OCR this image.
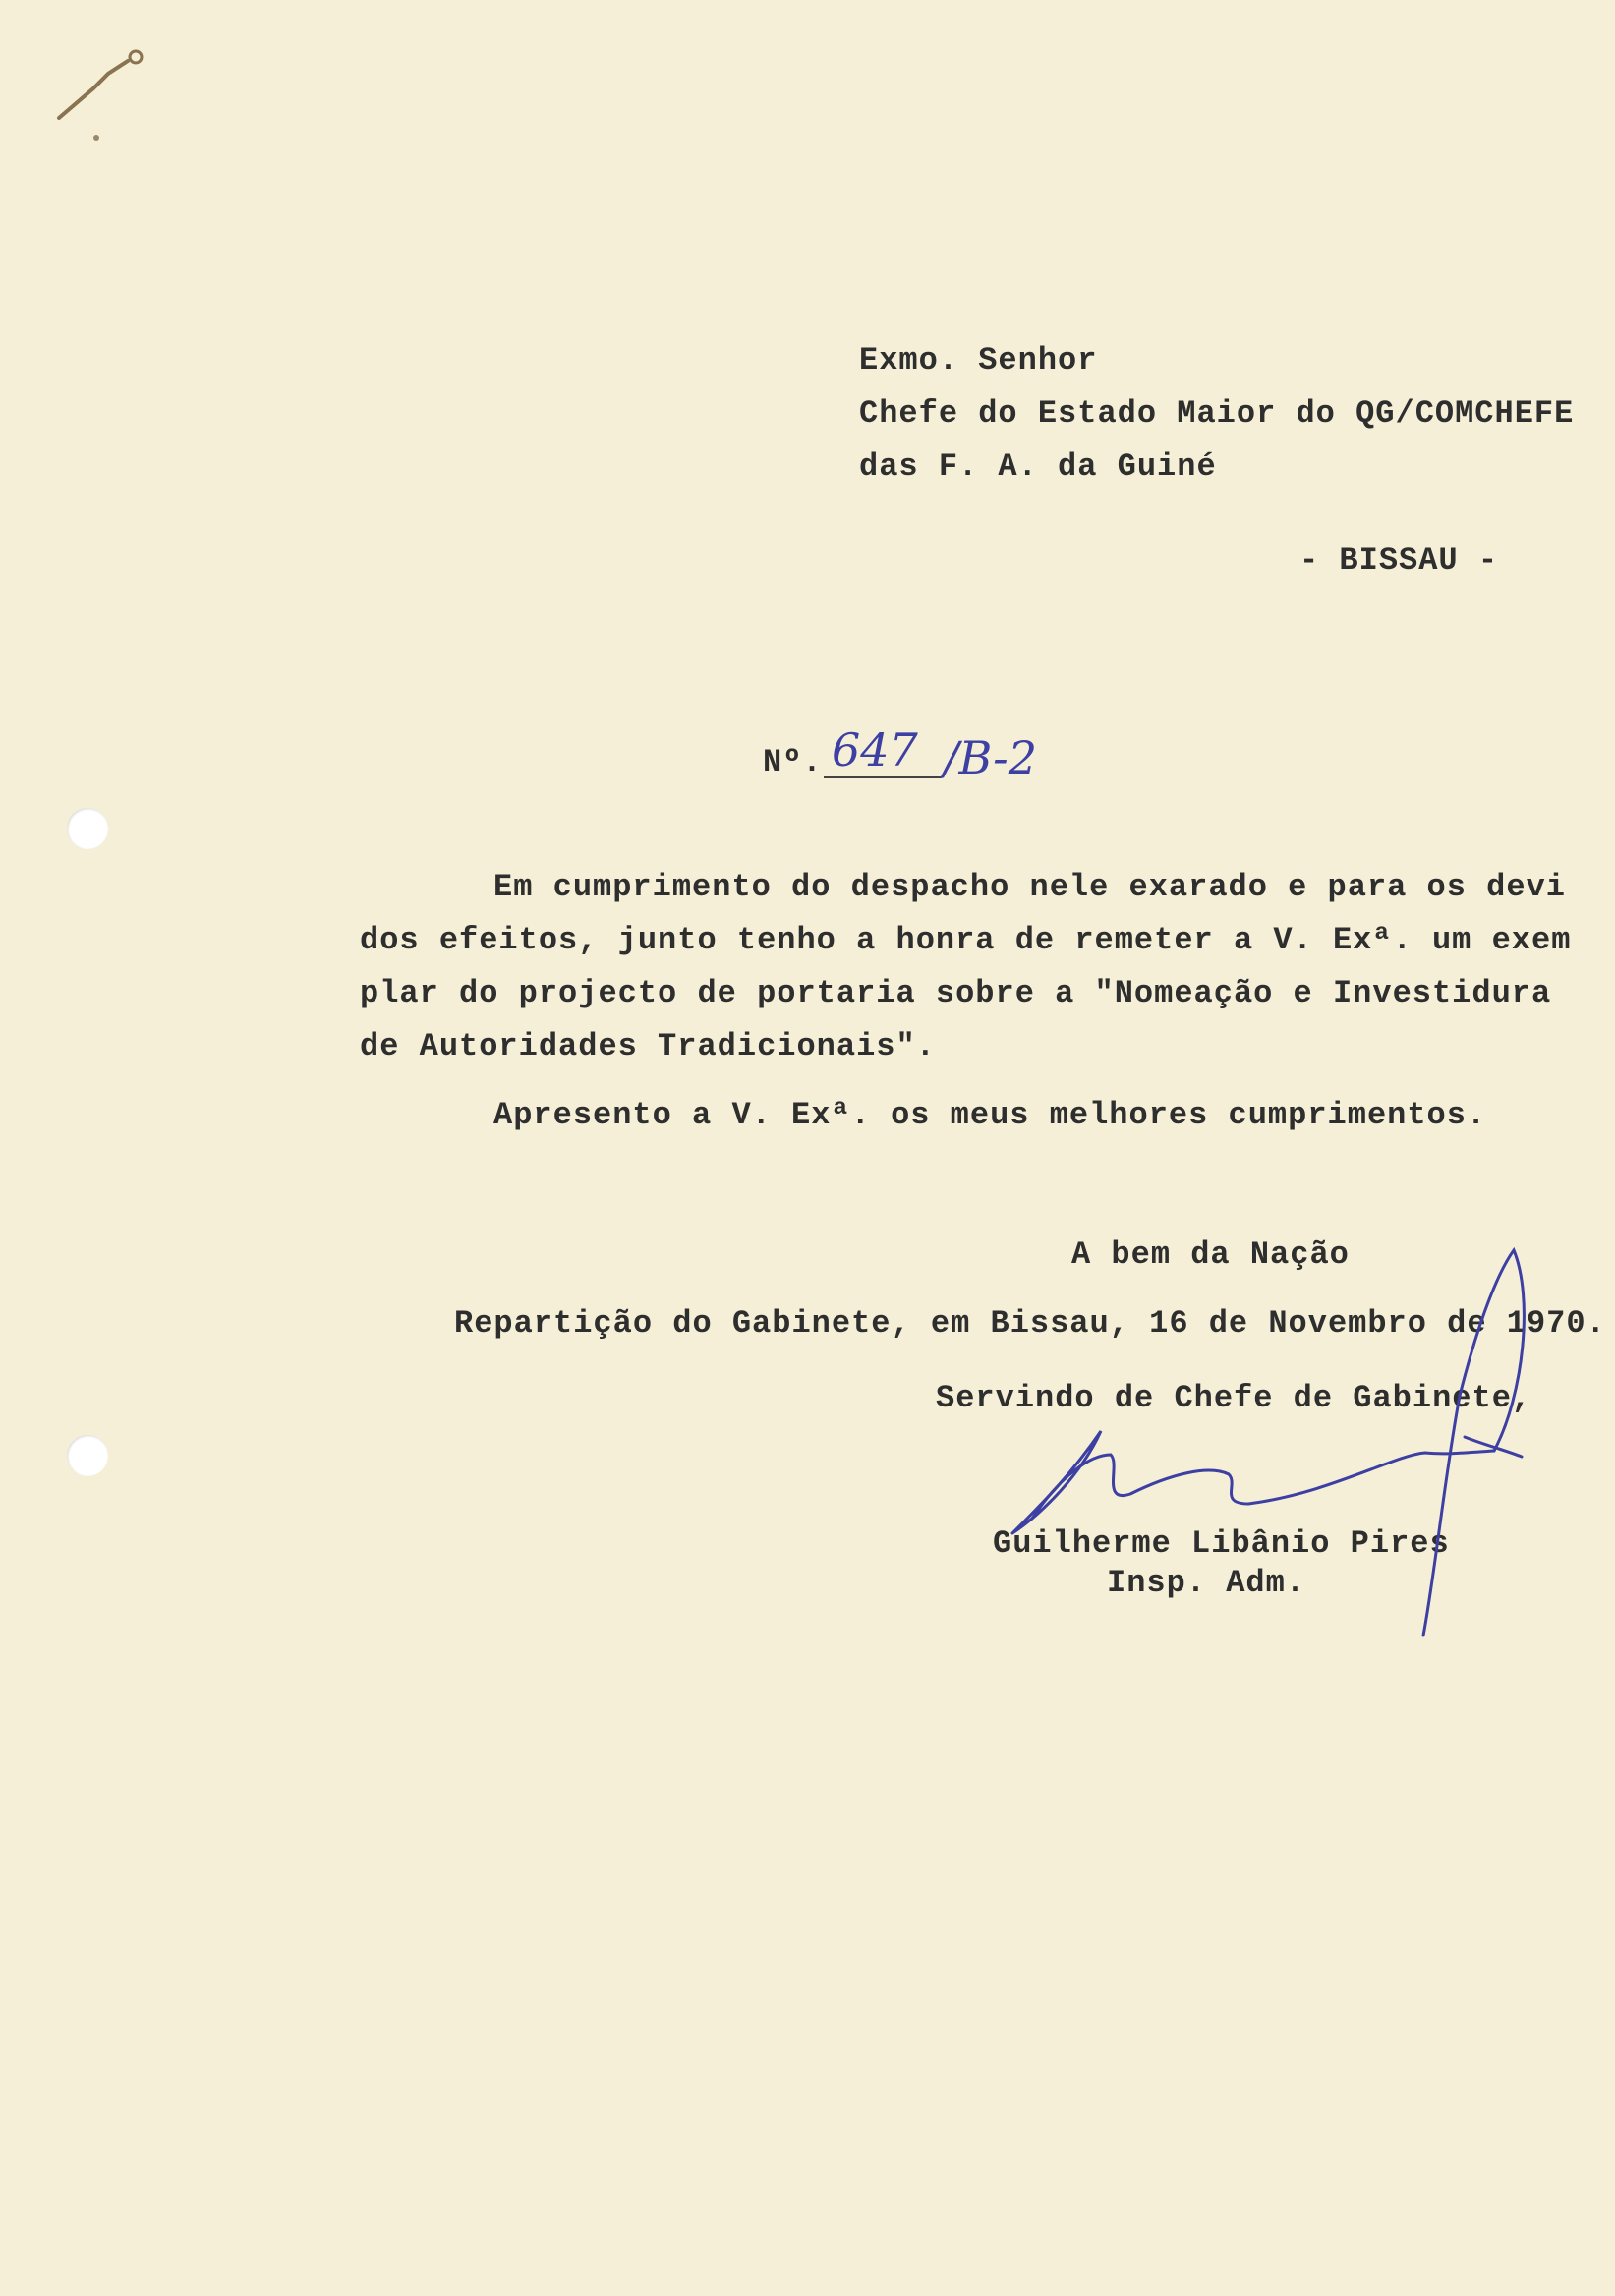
Exmo. Senhor
Chefe do Estado Maior do QG/COMCHEFE
das F. A. da Guiné
- BISSAU -
Nº. 647 /B-2
Em cumprimento do despacho nele exarado e para os devi
dos efeitos, junto tenho a honra de remeter a V. Exª. um exem
plar do projecto de portaria sobre a "Nomeação e Investidura
de Autoridades Tradicionais".
Apresento a V. Exª. os meus melhores cumprimentos.
A bem da Nação
Repartição do Gabinete, em Bissau, 16 de Novembro de 1970.
Servindo de Chefe de Gabinete,
Guilherme Libânio Pires
Insp. Adm.
